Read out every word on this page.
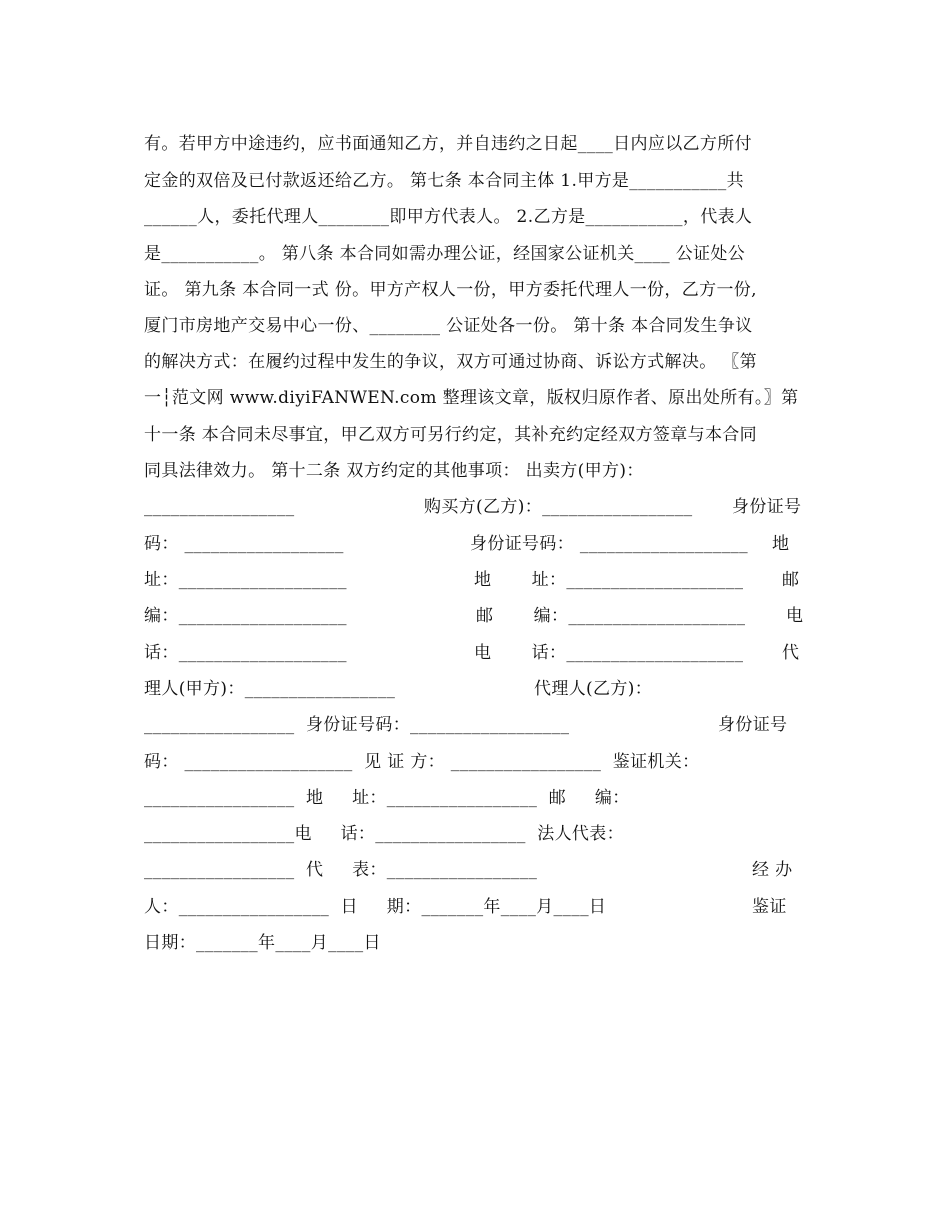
有。若甲方中途违约，应书面通知乙方，并自违约之日起____日内应以乙方所付
定金的双倍及已付款返还给乙方。 第七条 本合同主体 1.甲方是___________共
______人，委托代理人________即甲方代表人。 2.乙方是___________，代表人
是___________。 第八条 本合同如需办理公证，经国家公证机关____ 公证处公
证。 第九条 本合同一式 份。甲方产权人一份，甲方委托代理人一份，乙方一份,
厦门市房地产交易中心一份、________ 公证处各一份。 第十条 本合同发生争议
的解决方式：在履约过程中发生的争议，双方可通过协商、诉讼方式解决。 〖第
一┆范文网 www.diyiFANWEN.com 整理该文章，版权归原作者、原出处所有。〗第
十一条 本合同未尽事宜，甲乙双方可另行约定，其补充约定经双方签章与本合同
同具法律效力。 第十二条 双方约定的其他事项： 出卖方(甲方)：

_________________

	购买方(乙方)：_________________

身份证号

码： __________________

	身份证号码： ___________________

地

址：___________________

	地       址：____________________

邮

编：___________________

	邮       编：____________________

电

话：___________________

	电       话：____________________

代

理人(甲方)：_________________

	代理人(乙方)：

_________________  身份证号码：__________________

	身份证号

码： ___________________  见 证 方： _________________  鉴证机关：

_________________  地     址：_________________  邮     编：

_________________电     话：_________________  法人代表：

_________________  代     表：_________________

	经 办

人：_________________  日     期：_______年____月____日

	鉴证

日期：_______年____月____日
